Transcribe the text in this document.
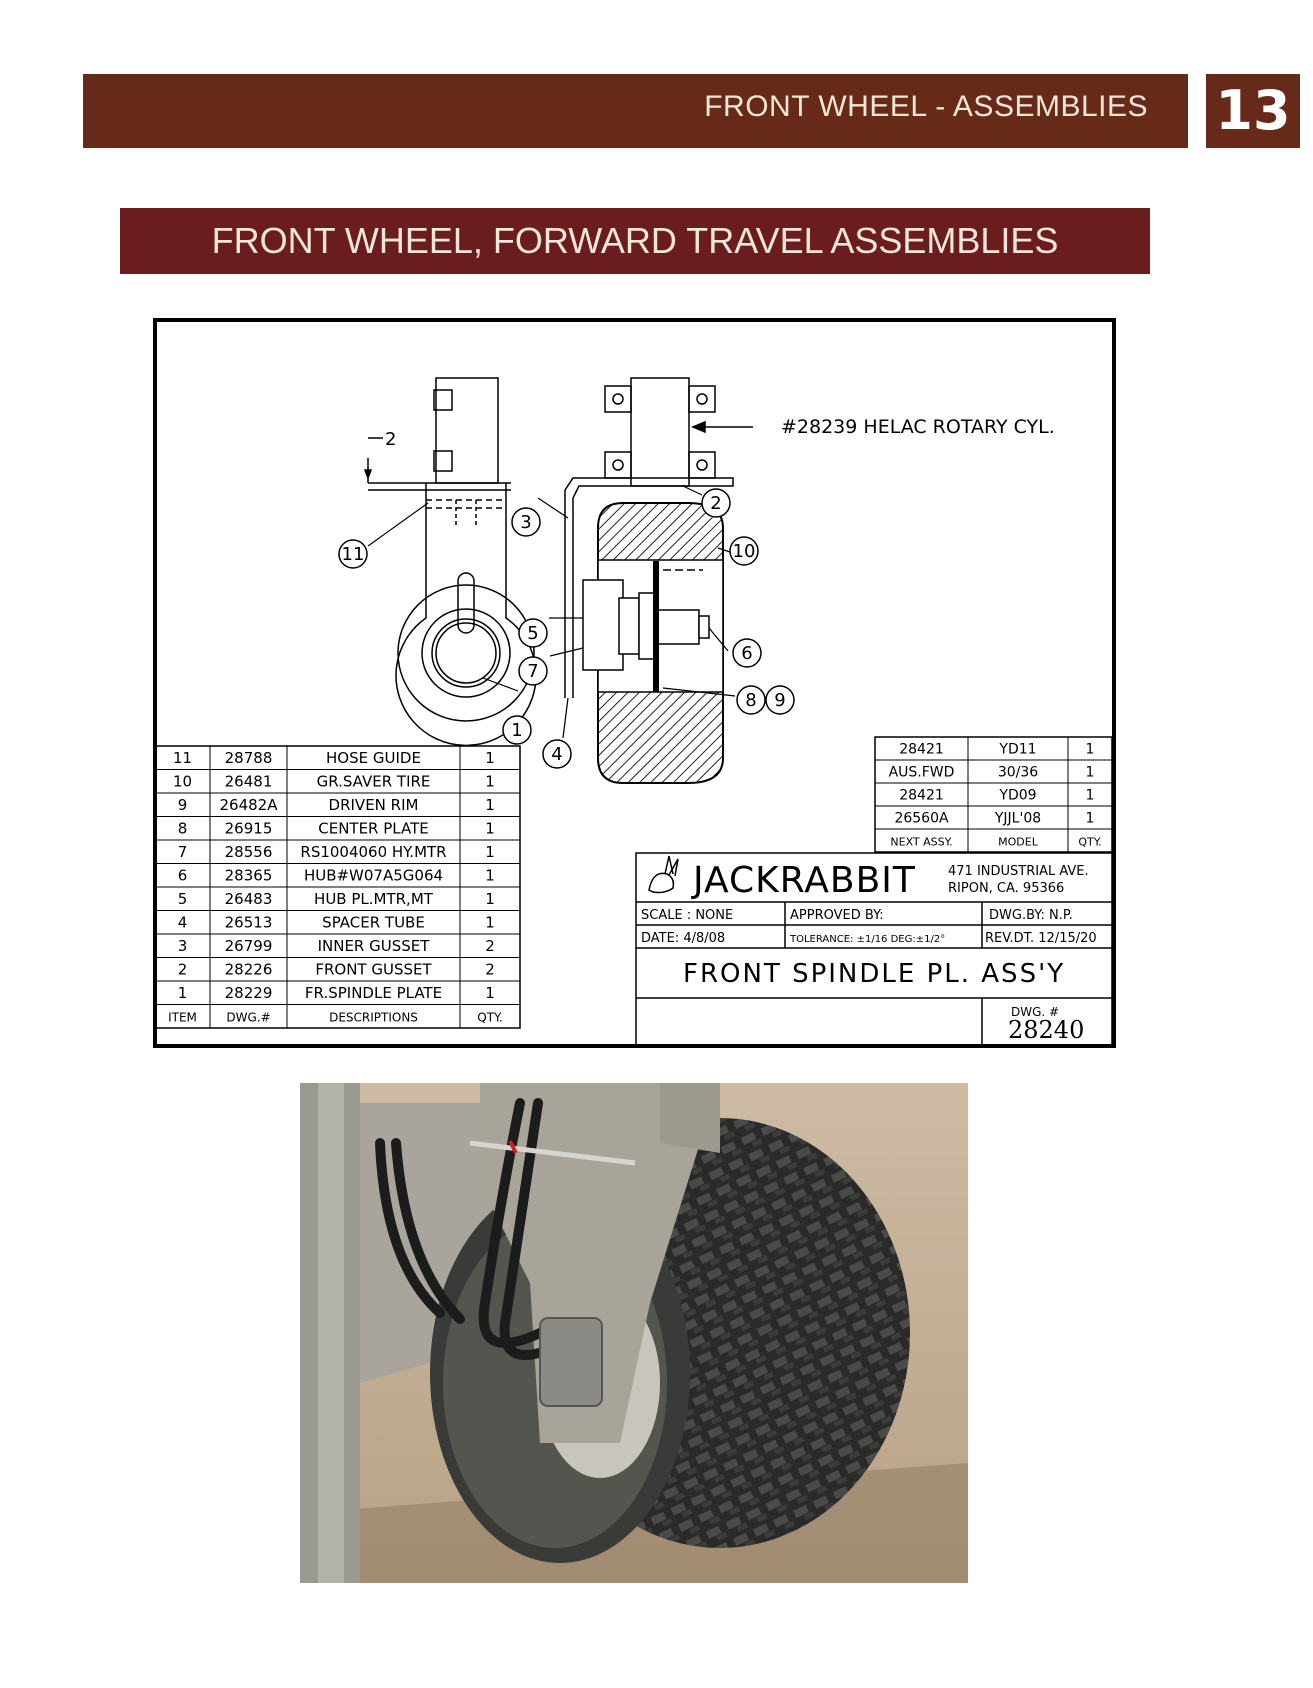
FRONT WHEEL - ASSEMBLIES 13
FRONT WHEEL, FORWARD TRAVEL ASSEMBLIES
2
11
3
2
10
5
7
6
8 9
1
4
#28239 HELAC ROTARY CYL.
11 28788	HOSE GUIDE	1
10 26481	GR.SAVER TIRE	1
9 26482A	DRIVEN RIM	1
8 26915	CENTER PLATE	1
7 28556 RS1004060 HY.MTR	1
6 28365 HUB#W07A5G064	1
5 26483	HUB PL.MTR,MT	1
4 26513	SPACER TUBE	1
3 26799	INNER GUSSET	2
2 28226	FRONT GUSSET	2
1 28229 FR.SPINDLE PLATE	1
ITEM DWG.#	DESCRIPTIONS	QTY.
28421	YD11	1
AUS.FWD	30/36	1
28421	YD09	1
26560A	YJJL'08	1
NEXT ASSY.	MODEL	QTY.
JACKRABBIT 471 INDUSTRIAL AVE.
RIPON, CA. 95366
SCALE : NONE	APPROVED BY:	DWG.BY: N.P.
DATE: 4/8/08	TOLERANCE: ±1/16 DEG:±1/2°	REV.DT. 12/15/20
FRONT SPINDLE PL. ASS'Y
DWG. #
28240
